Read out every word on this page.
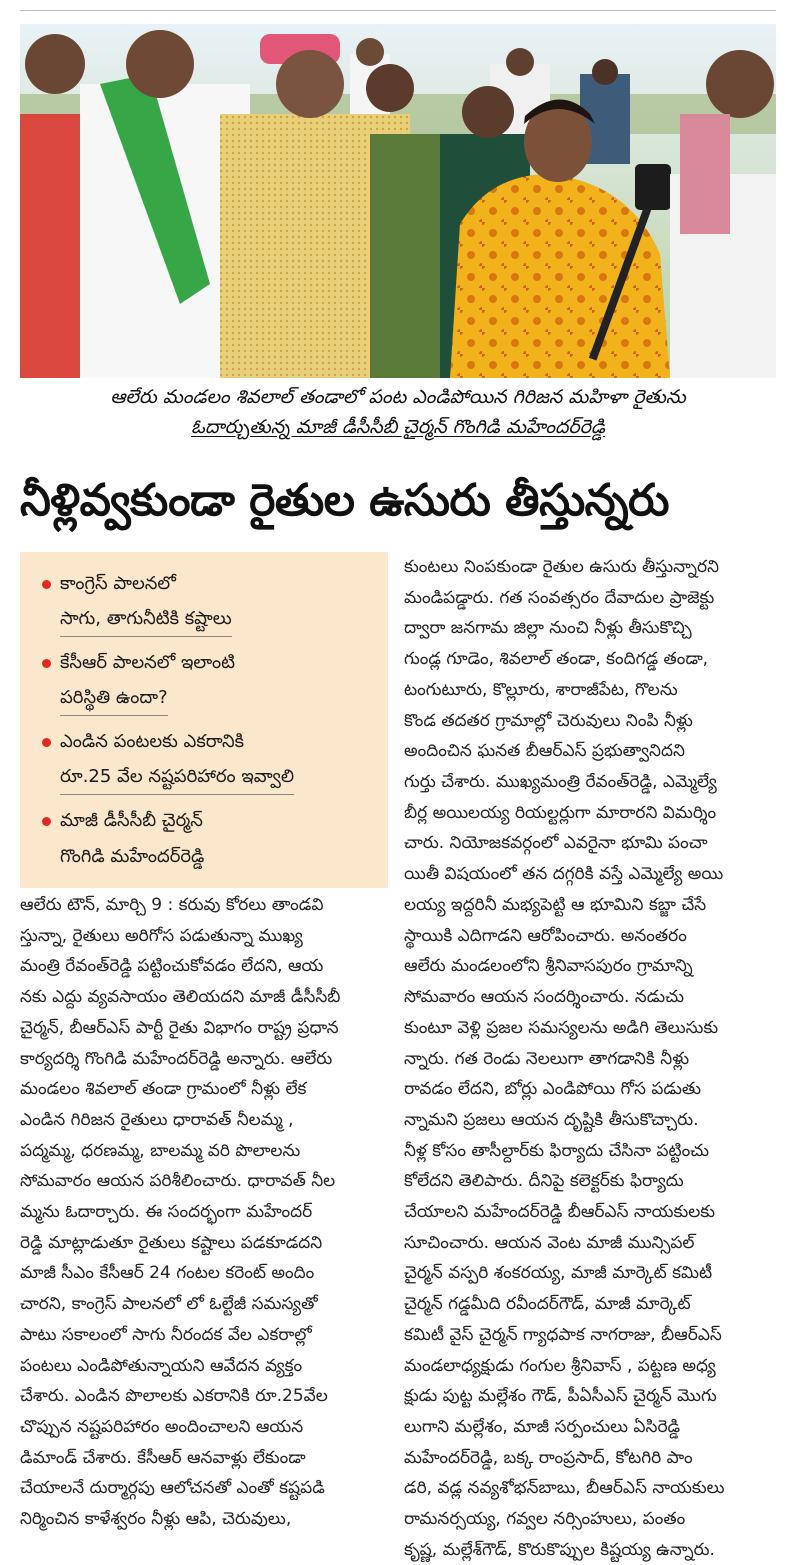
ఆలేరు మండలం శివలాల్ తండాలో పంట ఎండిపోయిన గిరిజన మహిళా రైతును
ఓదార్చుతున్న మాజీ డీసీసీబీ చైర్మన్ గొంగిడి మహేందర్‌రెడ్డి
నీళ్లివ్వకుండా రైతుల ఉసురు తీస్తున్నరు
కాంగ్రెస్ పాలనలో
సాగు, తాగునీటికి కష్టాలు
కేసీఆర్ పాలనలో ఇలాంటి
పరిస్థితి ఉందా?
ఎండిన పంటలకు ఎకరానికి
రూ.25 వేల నష్టపరిహారం ఇవ్వాలి
మాజీ డీసీసీబీ చైర్మన్
గొంగిడి మహేందర్‌రెడ్డి

ఆలేరు టౌన్, మార్చి 9 : కరువు కోరలు తాండవి

స్తున్నా, రైతులు అరిగోస పడుతున్నా ముఖ్య

మంత్రి రేవంత్‌రెడ్డి పట్టించుకోవడం లేదని, ఆయ

నకు ఎద్దు వ్యవసాయం తెలియదని మాజీ డీసీసీబీ

చైర్మన్, బీఆర్ఎస్ పార్టీ రైతు విభాగం రాష్ట్ర ప్రధాన

కార్యదర్శి గొంగిడి మహేందర్‌రెడ్డి అన్నారు. ఆలేరు

మండలం శివలాల్ తండా గ్రామంలో నీళ్లు లేక

ఎండిన గిరిజన రైతులు ధారావత్ నీలమ్మ ,

పద్మమ్మ, ధరణమ్మ, బాలమ్మ వరి పొలాలను

సోమవారం ఆయన పరిశీలించారు. ధారావత్ నీల

మ్మను ఓదార్చారు. ఈ సందర్భంగా మహేందర్

రెడ్డి మాట్లాడుతూ రైతులు కష్టాలు పడకూడదని

మాజీ సీఎం కేసీఆర్ 24 గంటల కరెంట్ అందిం

చారని, కాంగ్రెస్ పాలనలో లో ఓల్టేజీ సమస్యతో

పాటు సకాలంలో సాగు నీరందక వేల ఎకరాల్లో

పంటలు ఎండిపోతున్నాయని ఆవేదన వ్యక్తం

చేశారు. ఎండిన పొలాలకు ఎకరానికి రూ.25వేల

చొప్పున నష్టపరిహారం అందించాలని ఆయన

డిమాండ్ చేశారు. కేసీఆర్ ఆనవాళ్లు లేకుండా

చేయాలనే దుర్మార్గపు ఆలోచనతో ఎంతో కష్టపడి

నిర్మించిన కాళేశ్వరం నీళ్లు ఆపి, చెరువులు,

కుంటలు నింపకుండా రైతుల ఉసురు తీస్తున్నారని

మండిపడ్డారు. గత సంవత్సరం దేవాదుల ప్రాజెక్టు

ద్వారా జనగామ జిల్లా నుంచి నీళ్లు తీసుకొచ్చి

గుండ్ల గూడెం, శివలాల్ తండా, కందిగడ్డ తండా,

టంగుటూరు, కొల్లూరు, శారాజీపేట, గొలను

కొండ తదతర గ్రామాల్లో చెరువులు నింపి నీళ్లు

అందించిన ఘనత బీఆర్ఎస్ ప్రభుత్వానిదని

గుర్తు చేశారు. ముఖ్యమంత్రి రేవంత్‌రెడ్డి, ఎమ్మెల్యే

బీర్ల అయిలయ్య రియల్టర్లుగా మారారని విమర్శిం

చారు. నియోజకవర్గంలో ఎవరైనా భూమి పంచా

యితీ విషయంలో తన దగ్గరికి వస్తే ఎమ్మెల్యే అయి

లయ్య ఇద్దరినీ మభ్యపెట్టి ఆ భూమిని కబ్జా చేసే

స్థాయికి ఎదిగాడని ఆరోపించారు. అనంతరం

ఆలేరు మండలంలోని శ్రీనివాసపురం గ్రామాన్ని

సోమవారం ఆయన సందర్శించారు. నడుచు

కుంటూ వెళ్లి ప్రజల సమస్యలను అడిగి తెలుసుకు

న్నారు. గత రెండు నెలలుగా తాగడానికి నీళ్లు

రావడం లేదని, బోర్లు ఎండిపోయి గోస పడుతు

న్నామని ప్రజలు ఆయన దృష్టికి తీసుకొచ్చారు.

నీళ్ల కోసం తాసీల్దార్‌కు ఫిర్యాదు చేసినా పట్టించు

కోలేదని తెలిపారు. దీనిపై కలెక్టర్‌కు ఫిర్యాదు

చేయాలని మహేందర్‌రెడ్డి బీఆర్ఎస్ నాయకులకు

సూచించారు. ఆయన వెంట మాజీ మున్సిపల్

చైర్మన్ వస్పరి శంకరయ్య, మాజీ మార్కెట్ కమిటీ

చైర్మన్ గడ్డమీది రవీందర్‌గౌడ్, మాజీ మార్కెట్

కమిటీ వైస్ చైర్మన్ గ్యాధపాక నాగరాజు, బీఆర్ఎస్

మండలాధ్యక్షుడు గంగుల శ్రీనివాస్ , పట్టణ అధ్య

క్షుడు పుట్ట మల్లేశం గౌడ్, పీఏసీఎస్ చైర్మన్ మొగు

లుగాని మల్లేశం, మాజీ సర్పంచులు ఏసిరెడ్డి

మహేందర్‌రెడ్డి, బక్క రాంప్రసాద్, కోటగిరి పాం

డరి, వడ్ల నవ్యశోభన్‌బాబు, బీఆర్ఎస్ నాయకులు

రామనర్సయ్య, గవ్వల నర్సింహులు, పంతం

కృష్ణ, మల్లేశ్‌గౌడ్, కొరుకొప్పుల కిష్టయ్య ఉన్నారు.
